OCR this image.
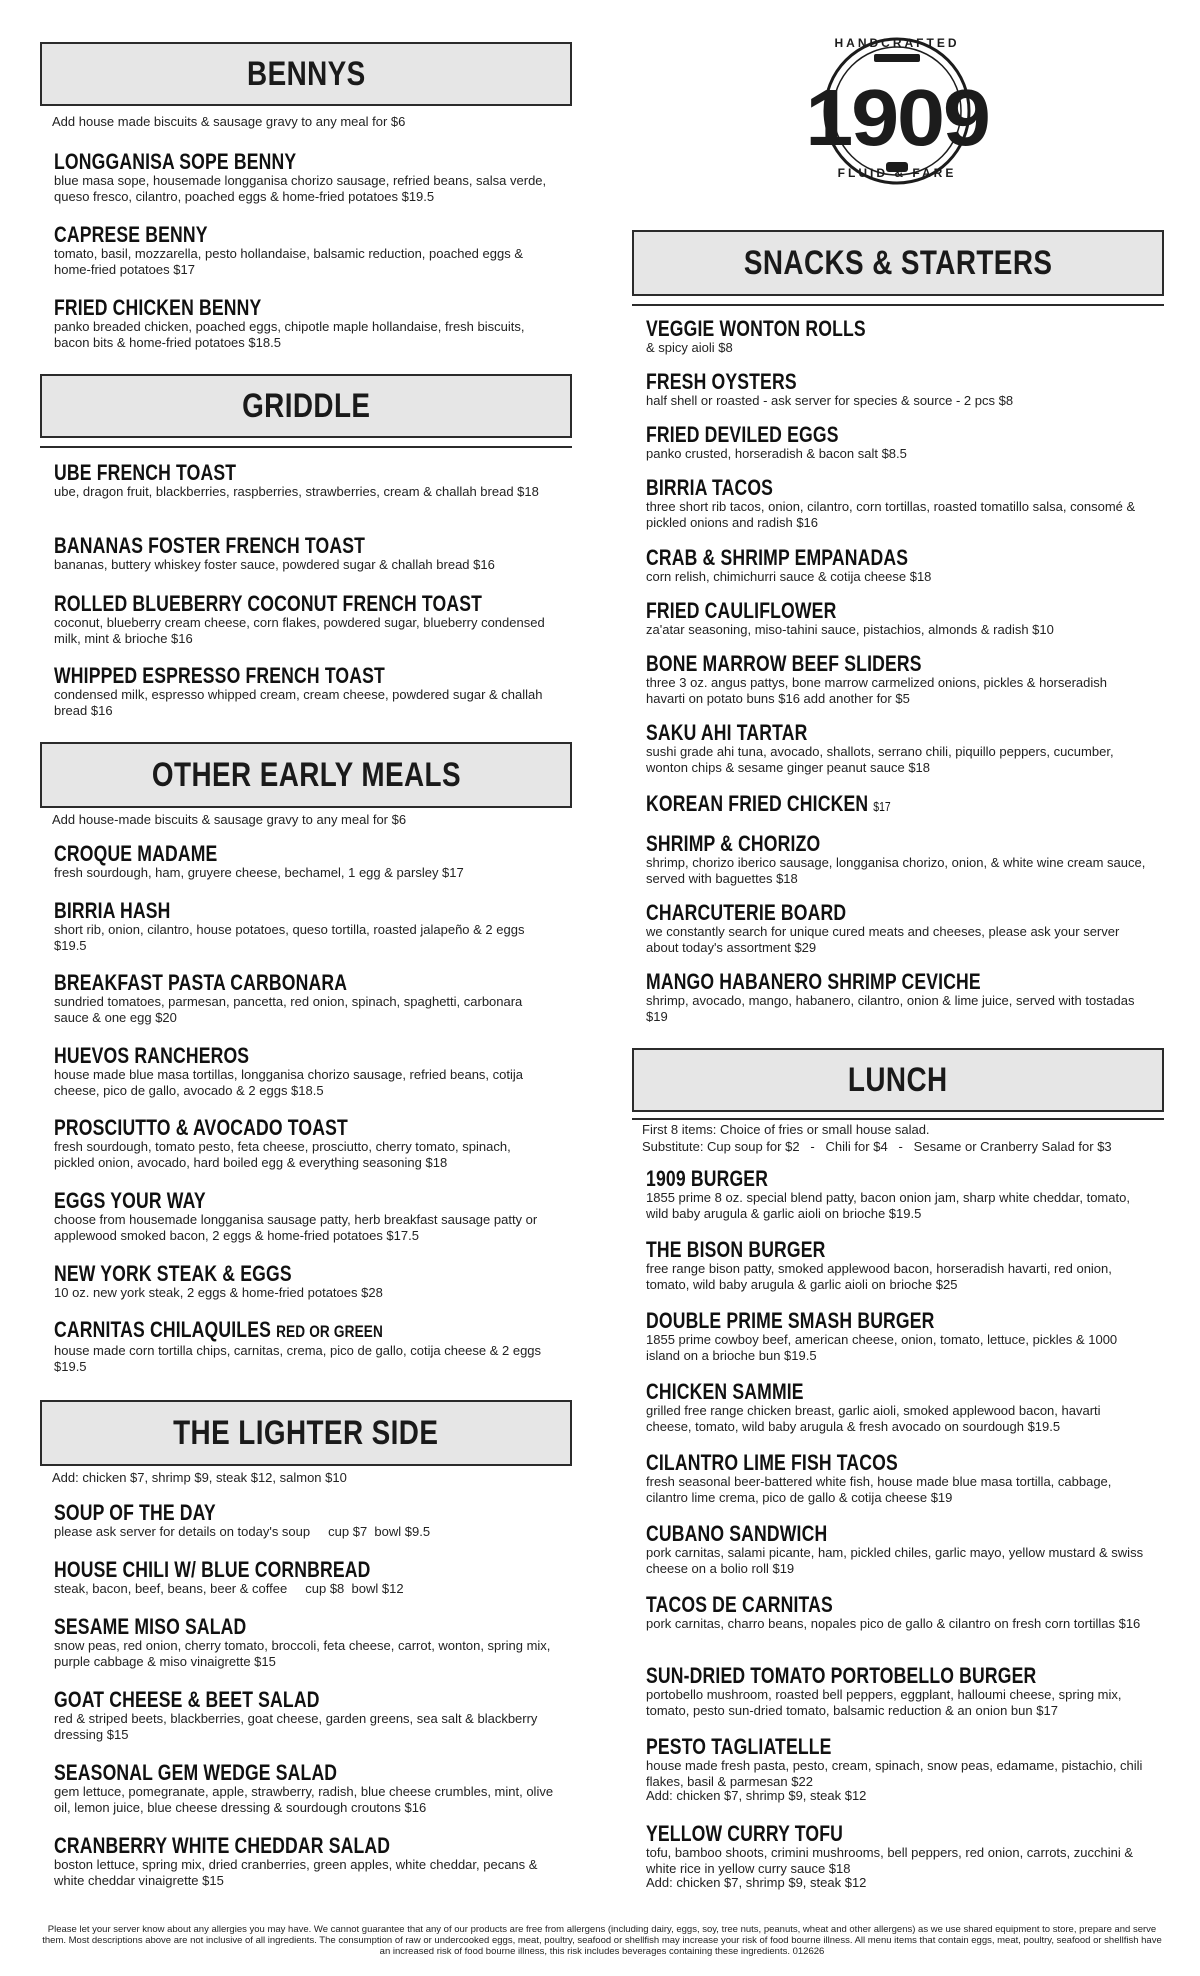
BENNYS
Add house made biscuits & sausage gravy to any meal for $6
LONGGANISA SOPE BENNY
blue masa sope, housemade longganisa chorizo sausage, refried beans, salsa verde, queso fresco, cilantro, poached eggs & home-fried potatoes $19.5
CAPRESE BENNY
tomato, basil, mozzarella, pesto hollandaise, balsamic reduction, poached eggs & home-fried potatoes $17
FRIED CHICKEN BENNY
panko breaded chicken, poached eggs, chipotle maple hollandaise, fresh biscuits, bacon bits & home-fried potatoes $18.5
GRIDDLE
UBE FRENCH TOAST
ube, dragon fruit, blackberries, raspberries, strawberries, cream & challah bread $18
BANANAS FOSTER FRENCH TOAST
bananas, buttery whiskey foster sauce, powdered sugar & challah bread $16
ROLLED BLUEBERRY COCONUT FRENCH TOAST
coconut, blueberry cream cheese, corn flakes, powdered sugar, blueberry condensed milk, mint & brioche $16
WHIPPED ESPRESSO FRENCH TOAST
condensed milk, espresso whipped cream, cream cheese, powdered sugar & challah bread $16
OTHER EARLY MEALS
Add house-made biscuits & sausage gravy to any meal for $6
CROQUE MADAME
fresh sourdough, ham, gruyere cheese, bechamel, 1 egg & parsley $17
BIRRIA HASH
short rib, onion, cilantro, house potatoes, queso tortilla, roasted jalapeño & 2 eggs $19.5
BREAKFAST PASTA CARBONARA
sundried tomatoes, parmesan, pancetta, red onion, spinach, spaghetti, carbonara sauce & one egg $20
HUEVOS RANCHEROS
house made blue masa tortillas, longganisa chorizo sausage, refried beans, cotija cheese, pico de gallo, avocado & 2 eggs $18.5
PROSCIUTTO & AVOCADO TOAST
fresh sourdough, tomato pesto, feta cheese, prosciutto, cherry tomato, spinach, pickled onion, avocado, hard boiled egg & everything seasoning $18
EGGS YOUR WAY
choose from housemade longganisa sausage patty, herb breakfast sausage patty or applewood smoked bacon, 2 eggs & home-fried potatoes $17.5
NEW YORK STEAK & EGGS
10 oz. new york steak, 2 eggs & home-fried potatoes $28
CARNITAS CHILAQUILES RED OR GREEN
house made corn tortilla chips, carnitas, crema, pico de gallo, cotija cheese & 2 eggs $19.5
THE LIGHTER SIDE
Add: chicken $7, shrimp $9, steak $12, salmon $10
SOUP OF THE DAY
please ask server for details on today's soup     cup $7  bowl $9.5
HOUSE CHILI W/ BLUE CORNBREAD
steak, bacon, beef, beans, beer & coffee     cup $8  bowl $12
SESAME MISO SALAD
snow peas, red onion, cherry tomato, broccoli, feta cheese, carrot, wonton, spring mix, purple cabbage & miso vinaigrette $15
GOAT CHEESE & BEET SALAD
red & striped beets, blackberries, goat cheese, garden greens, sea salt & blackberry dressing $15
SEASONAL GEM WEDGE SALAD
gem lettuce, pomegranate, apple, strawberry, radish, blue cheese crumbles, mint, olive oil, lemon juice, blue cheese dressing & sourdough croutons $16
CRANBERRY WHITE CHEDDAR SALAD
boston lettuce, spring mix, dried cranberries, green apples, white cheddar, pecans & white cheddar vinaigrette $15
HANDCRAFTED
1909
FLUID & FARE
SNACKS & STARTERS
VEGGIE WONTON ROLLS
& spicy aioli $8
FRESH OYSTERS
half shell or roasted - ask server for species & source - 2 pcs $8
FRIED DEVILED EGGS
panko crusted, horseradish & bacon salt $8.5
BIRRIA TACOS
three short rib tacos, onion, cilantro, corn tortillas, roasted tomatillo salsa, consomé & pickled onions and radish $16
CRAB & SHRIMP EMPANADAS
corn relish, chimichurri sauce & cotija cheese $18
FRIED CAULIFLOWER
za'atar seasoning, miso-tahini sauce, pistachios, almonds & radish $10
BONE MARROW BEEF SLIDERS
three 3 oz. angus pattys, bone marrow carmelized onions, pickles & horseradish havarti on potato buns $16 add another for $5
SAKU AHI TARTAR
sushi grade ahi tuna, avocado, shallots, serrano chili, piquillo peppers, cucumber, wonton chips & sesame ginger peanut sauce $18
KOREAN FRIED CHICKEN $17
SHRIMP & CHORIZO
shrimp, chorizo iberico sausage, longganisa chorizo, onion, & white wine cream sauce, served with baguettes $18
CHARCUTERIE BOARD
we constantly search for unique cured meats and cheeses, please ask your server about today's assortment $29
MANGO HABANERO SHRIMP CEVICHE
shrimp, avocado, mango, habanero, cilantro, onion & lime juice, served with tostadas $19
LUNCH
First 8 items: Choice of fries or small house salad.
Substitute: Cup soup for $2   -   Chili for $4   -   Sesame or Cranberry Salad for $3
1909 BURGER
1855 prime 8 oz. special blend patty, bacon onion jam, sharp white cheddar, tomato, wild baby arugula & garlic aioli on brioche $19.5
THE BISON BURGER
free range bison patty, smoked applewood bacon, horseradish havarti, red onion, tomato, wild baby arugula & garlic aioli on brioche $25
DOUBLE PRIME SMASH BURGER
1855 prime cowboy beef, american cheese, onion, tomato, lettuce, pickles & 1000 island on a brioche bun $19.5
CHICKEN SAMMIE
grilled free range chicken breast, garlic aioli, smoked applewood bacon, havarti cheese, tomato, wild baby arugula & fresh avocado on sourdough $19.5
CILANTRO LIME FISH TACOS
fresh seasonal beer-battered white fish, house made blue masa tortilla, cabbage, cilantro lime crema, pico de gallo & cotija cheese $19
CUBANO SANDWICH
pork carnitas, salami picante, ham, pickled chiles, garlic mayo, yellow mustard & swiss cheese on a bolio roll $19
TACOS DE CARNITAS
pork carnitas, charro beans, nopales pico de gallo & cilantro on fresh corn tortillas $16
SUN-DRIED TOMATO PORTOBELLO BURGER
portobello mushroom, roasted bell peppers, eggplant, halloumi cheese, spring mix, tomato, pesto sun-dried tomato, balsamic reduction & an onion bun $17
PESTO TAGLIATELLE
house made fresh pasta, pesto, cream, spinach, snow peas, edamame, pistachio, chili flakes, basil & parmesan $22
Add: chicken $7, shrimp $9, steak $12
YELLOW CURRY TOFU
tofu, bamboo shoots, crimini mushrooms, bell peppers, red onion, carrots, zucchini & white rice in yellow curry sauce $18
Add: chicken $7, shrimp $9, steak $12
Please let your server know about any allergies you may have. We cannot guarantee that any of our products are free from allergens (including dairy, eggs, soy, tree nuts, peanuts, wheat and other allergens) as we use shared equipment to store, prepare and serve them. Most descriptions above are not inclusive of all ingredients. The consumption of raw or undercooked eggs, meat, poultry, seafood or shellfish may increase your risk of food bourne illness. All menu items that contain eggs, meat, poultry, seafood or shellfish have an increased risk of food bourne illness, this risk includes beverages containing these ingredients. 012626
